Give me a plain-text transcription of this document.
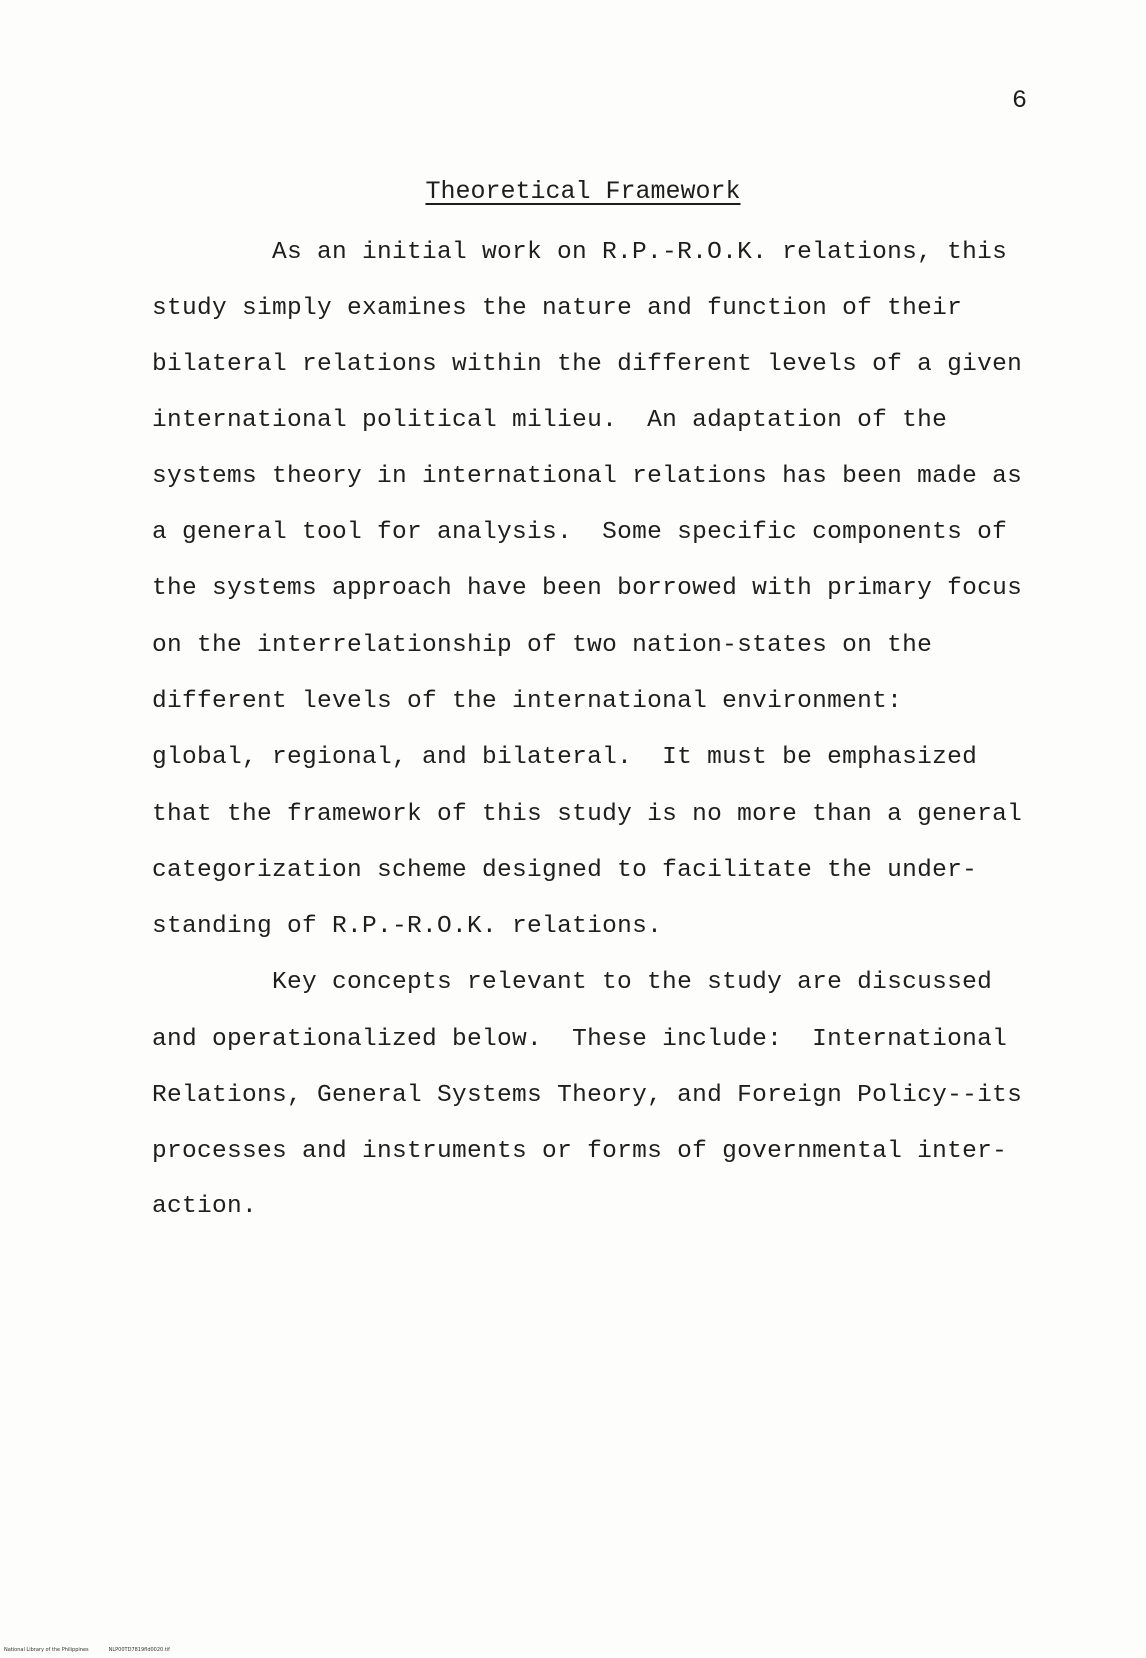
6
Theoretical Framework
As an initial work on R.P.-R.O.K. relations, this
study simply examines the nature and function of their
bilateral relations within the different levels of a given
international political milieu.  An adaptation of the
systems theory in international relations has been made as
a general tool for analysis.  Some specific components of
the systems approach have been borrowed with primary focus
on the interrelationship of two nation-states on the
different levels of the international environment:
global, regional, and bilateral.  It must be emphasized
that the framework of this study is no more than a general
categorization scheme designed to facilitate the under-
standing of R.P.-R.O.K. relations.
Key concepts relevant to the study are discussed
and operationalized below.  These include:  International
Relations, General Systems Theory, and Foreign Policy--its
processes and instruments or forms of governmental inter-
action.
National Library of the Philippines	NLP00TD7819fld0020.tif
